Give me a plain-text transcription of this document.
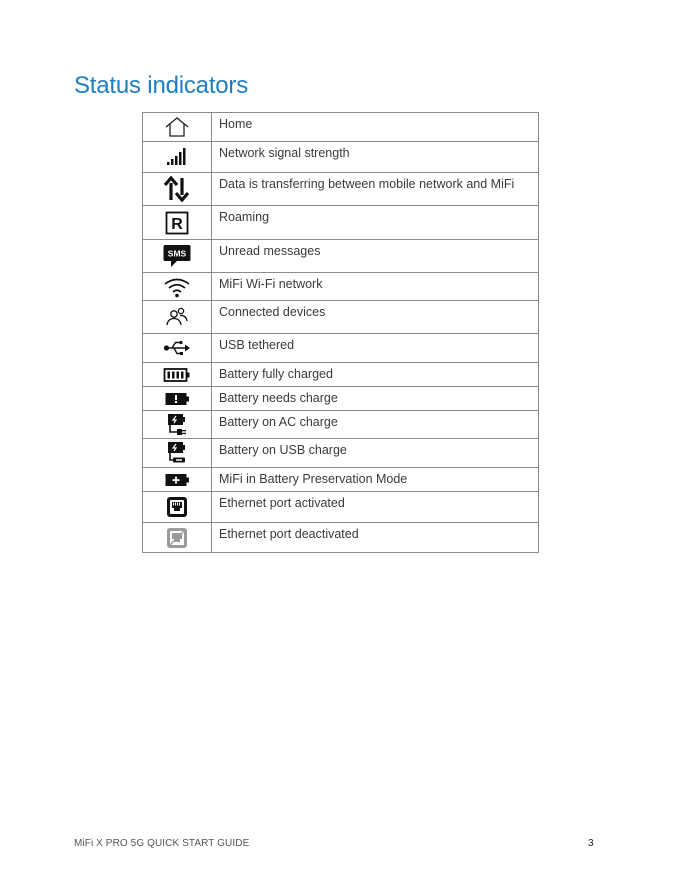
Status indicators
	Home
	Network signal strength
	Data is transferring between mobile network and MiFi

R	Roaming

SMS	Unread messages
	MiFi Wi-Fi network
	Connected devices
	USB tethered
	Battery fully charged
	Battery needs charge
	Battery on AC charge
	Battery on USB charge
	MiFi in Battery Preservation Mode
	Ethernet port activated
	Ethernet port deactivated
MiFi X PRO 5G QUICK START GUIDE	3
